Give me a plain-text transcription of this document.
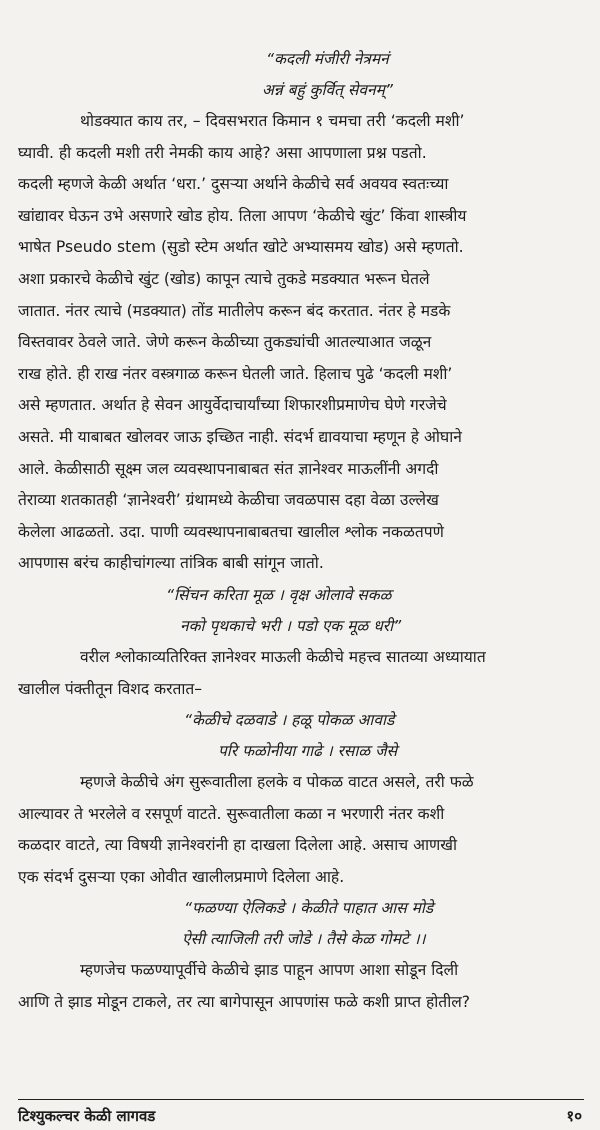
“कदली मंजीरी नेत्रमनं
अन्नं बहुं कुर्वित् सेवनम्”

थोडक्यात काय तर, – दिवसभरात किमान १ चमचा तरी ‘कदली मशी’
घ्यावी. ही कदली मशी तरी नेमकी काय आहे? असा आपणाला प्रश्न पडतो.
कदली म्हणजे केळी अर्थात ‘धरा.’ दुसऱ्या अर्थाने केळीचे सर्व अवयव स्वतःच्या
खांद्यावर घेऊन उभे असणारे खोड होय. तिला आपण ‘केळीचे खुंट’ किंवा शास्त्रीय
भाषेत Pseudo stem (सुडो स्टेम अर्थात खोटे अभ्यासमय खोड) असे म्हणतो.
अशा प्रकारचे केळीचे खुंट (खोड) कापून त्याचे तुकडे मडक्यात भरून घेतले
जातात. नंतर त्याचे (मडक्यात) तोंड मातीलेप करून बंद करतात. नंतर हे मडके
विस्तवावर ठेवले जाते. जेणे करून केळीच्या तुकड्यांची आतल्याआत जळून
राख होते. ही राख नंतर वस्त्रगाळ करून घेतली जाते. हिलाच पुढे ‘कदली मशी’
असे म्हणतात. अर्थात हे सेवन आयुर्वेदाचार्यांच्या शिफारशीप्रमाणेच घेणे गरजेचे
असते. मी याबाबत खोलवर जाऊ इच्छित नाही. संदर्भ द्यावयाचा म्हणून हे ओघाने
आले. केळीसाठी सूक्ष्म जल व्यवस्थापनाबाबत संत ज्ञानेश्वर माऊलींनी अगदी
तेराव्या शतकातही ‘ज्ञानेश्वरी’ ग्रंथामध्ये केळीचा जवळपास दहा वेळा उल्लेख
केलेला आढळतो. उदा. पाणी व्यवस्थापनाबाबतचा खालील श्लोक नकळतपणे
आपणास बरंच काहीचांगल्या तांत्रिक बाबी सांगून जातो.

“सिंचन करिता मूळ । वृक्ष ओलावे सकळ
नको पृथकाचे भरी । पडो एक मूळ धरी”

वरील श्लोकाव्यतिरिक्त ज्ञानेश्वर माऊली केळीचे महत्त्व सातव्या अध्यायात
खालील पंक्तीतून विशद करतात–

“केळीचे दळवाडे । हळू पोकळ आवाडे
परि फळोनीया गाढे । रसाळ जैसे

म्हणजे केळीचे अंग सुरूवातीला हलके व पोकळ वाटत असले, तरी फळे
आल्यावर ते भरलेले व रसपूर्ण वाटते. सुरूवातीला कळा न भरणारी नंतर कशी
कळदार वाटते, त्या विषयी ज्ञानेश्वरांनी हा दाखला दिलेला आहे. असाच आणखी
एक संदर्भ दुसऱ्या एका ओवीत खालीलप्रमाणे दिलेला आहे.

“फळण्या ऐलिकडे । केळीते पाहात आस मोडे
ऐसी त्याजिली तरी जोडे । तैसे केळ गोमटे ।।

म्हणजेच फळण्यापूर्वीचे केळीचे झाड पाहून आपण आशा सोडून दिली
आणि ते झाड मोडून टाकले, तर त्या बागेपासून आपणांस फळे कशी प्राप्त होतील?

टिश्युकल्चर केळी लागवड	१०
